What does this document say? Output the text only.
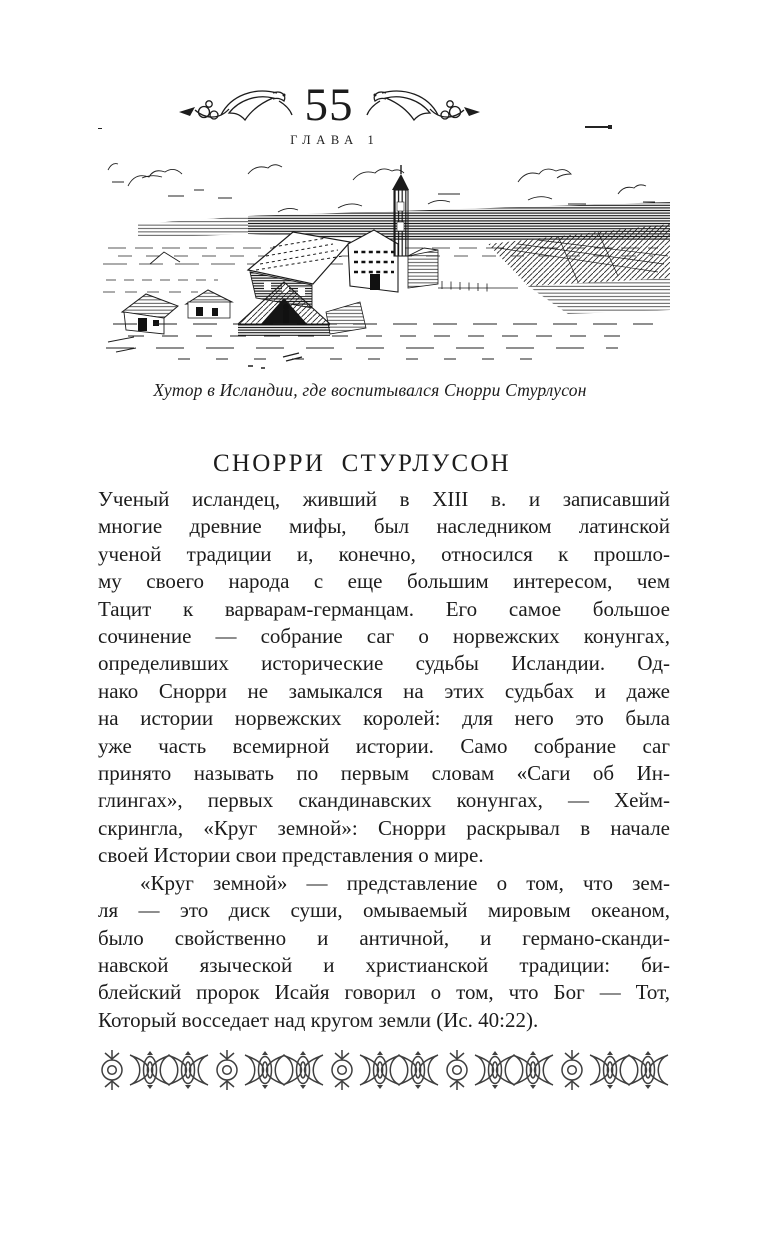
55
ГЛАВА 1
Хутор в Исландии, где воспитывался Снорри Стурлусон
СНОРРИ СТУРЛУСОН
Ученый исландец, живший в XIII в. и записавший
многие древние мифы, был наследником латинской
ученой традиции и, конечно, относился к прошло-
му своего народа с еще большим интересом, чем
Тацит к варварам-германцам. Его самое большое
сочинение — собрание саг о норвежских конунгах,
определивших исторические судьбы Исландии. Од-
нако Снорри не замыкался на этих судьбах и даже
на истории норвежских королей: для него это была
уже часть всемирной истории. Само собрание саг
принято называть по первым словам «Саги об Ин-
глингах», первых скандинавских конунгах, — Хейм-
скрингла, «Круг земной»: Снорри раскрывал в начале
своей Истории свои представления о мире.
«Круг земной» — представление о том, что зем-
ля — это диск суши, омываемый мировым океаном,
было свойственно и античной, и германо-сканди-
навской языческой и христианской традиции: би-
блейский пророк Исайя говорил о том, что Бог — Тот,
Который восседает над кругом земли (Ис. 40:22).
